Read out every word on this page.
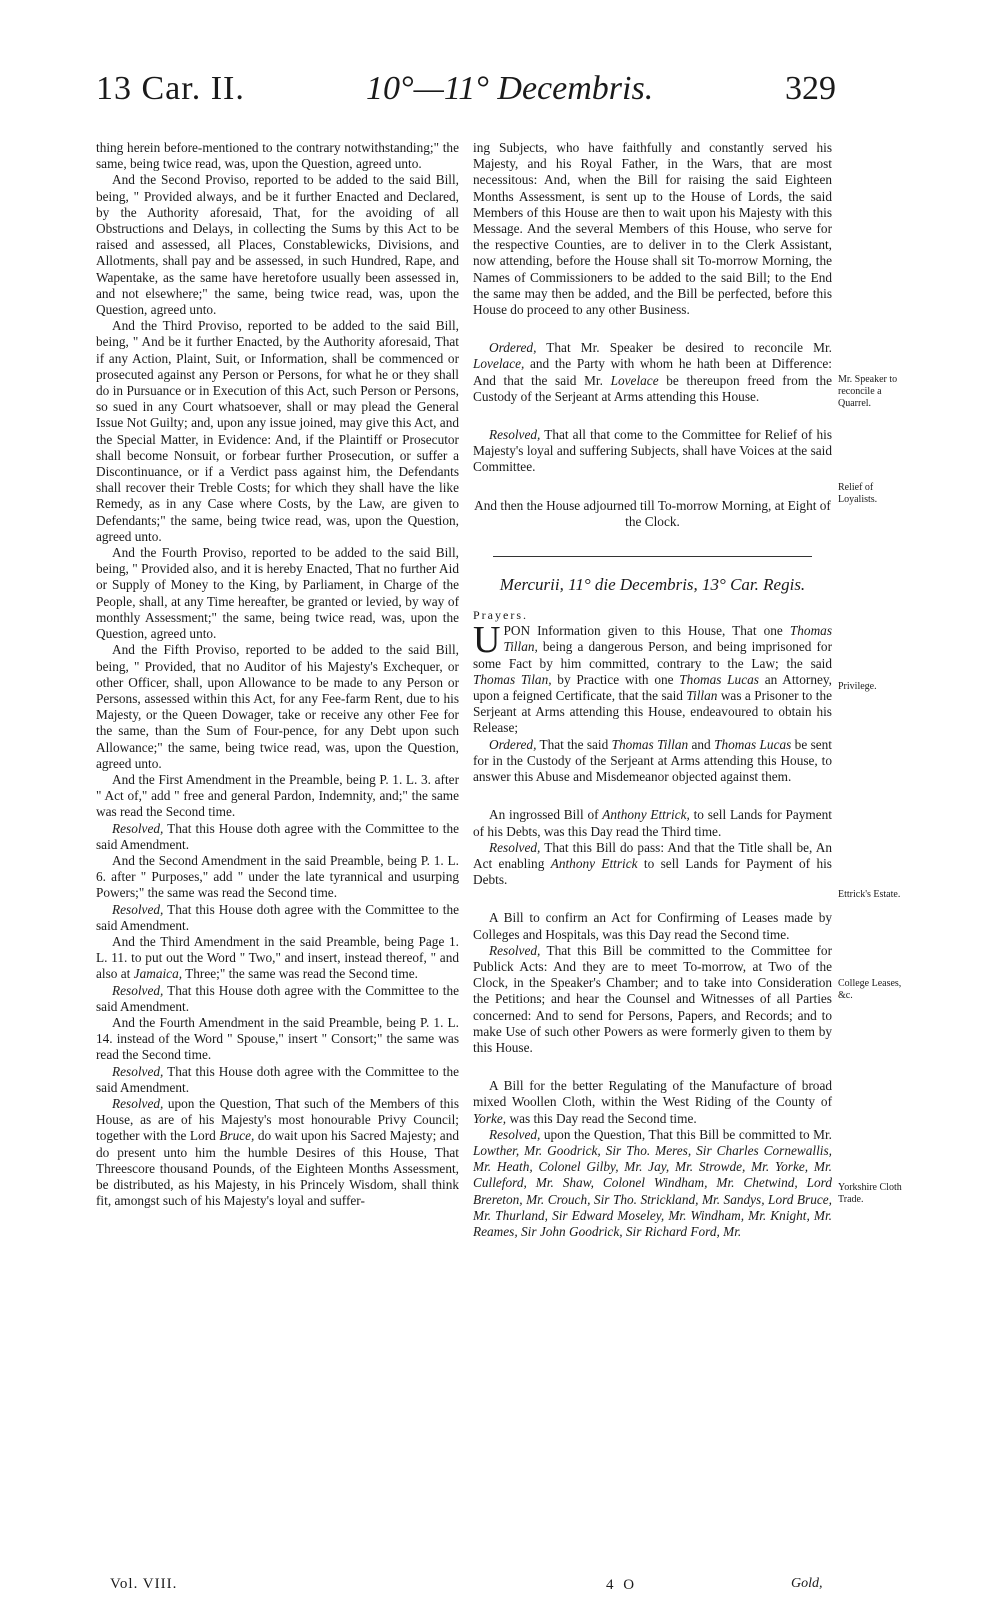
13 Car. II.	10°—11° Decembris.	329

thing herein before-mentioned to the contrary notwithstanding;" the same, being twice read, was, upon the Question, agreed unto.

And the Second Proviso, reported to be added to the said Bill, being, " Provided always, and be it further Enacted and Declared, by the Authority aforesaid, That, for the avoiding of all Obstructions and Delays, in collecting the Sums by this Act to be raised and assessed, all Places, Constablewicks, Divisions, and Allotments, shall pay and be assessed, in such Hundred, Rape, and Wapentake, as the same have heretofore usually been assessed in, and not elsewhere;" the same, being twice read, was, upon the Question, agreed unto.

And the Third Proviso, reported to be added to the said Bill, being, " And be it further Enacted, by the Authority aforesaid, That if any Action, Plaint, Suit, or Information, shall be commenced or prosecuted against any Person or Persons, for what he or they shall do in Pursuance or in Execution of this Act, such Person or Persons, so sued in any Court whatsoever, shall or may plead the General Issue Not Guilty; and, upon any issue joined, may give this Act, and the Special Matter, in Evidence: And, if the Plaintiff or Prosecutor shall become Nonsuit, or forbear further Prosecution, or suffer a Discontinuance, or if a Verdict pass against him, the Defendants shall recover their Treble Costs; for which they shall have the like Remedy, as in any Case where Costs, by the Law, are given to Defendants;" the same, being twice read, was, upon the Question, agreed unto.

And the Fourth Proviso, reported to be added to the said Bill, being, " Provided also, and it is hereby Enacted, That no further Aid or Supply of Money to the King, by Parliament, in Charge of the People, shall, at any Time hereafter, be granted or levied, by way of monthly Assessment;" the same, being twice read, was, upon the Question, agreed unto.

And the Fifth Proviso, reported to be added to the said Bill, being, " Provided, that no Auditor of his Majesty's Exchequer, or other Officer, shall, upon Allowance to be made to any Person or Persons, assessed within this Act, for any Fee-farm Rent, due to his Majesty, or the Queen Dowager, take or receive any other Fee for the same, than the Sum of Four-pence, for any Debt upon such Allowance;" the same, being twice read, was, upon the Question, agreed unto.

And the First Amendment in the Preamble, being P. 1. L. 3. after " Act of," add " free and general Pardon, Indemnity, and;" the same was read the Second time.

Resolved, That this House doth agree with the Committee to the said Amendment.

And the Second Amendment in the said Preamble, being P. 1. L. 6. after " Purposes," add " under the late tyrannical and usurping Powers;" the same was read the Second time.

Resolved, That this House doth agree with the Committee to the said Amendment.

And the Third Amendment in the said Preamble, being Page 1. L. 11. to put out the Word " Two," and insert, instead thereof, " and also at Jamaica, Three;" the same was read the Second time.

Resolved, That this House doth agree with the Committee to the said Amendment.

And the Fourth Amendment in the said Preamble, being P. 1. L. 14. instead of the Word " Spouse," insert " Consort;" the same was read the Second time.

Resolved, That this House doth agree with the Committee to the said Amendment.

Resolved, upon the Question, That such of the Members of this House, as are of his Majesty's most honourable Privy Council; together with the Lord Bruce, do wait upon his Sacred Majesty; and do present unto him the humble Desires of this House, That Threescore thousand Pounds, of the Eighteen Months Assessment, be distributed, as his Majesty, in his Princely Wisdom, shall think fit, amongst such of his Majesty's loyal and suffer-

ing Subjects, who have faithfully and constantly served his Majesty, and his Royal Father, in the Wars, that are most necessitous: And, when the Bill for raising the said Eighteen Months Assessment, is sent up to the House of Lords, the said Members of this House are then to wait upon his Majesty with this Message. And the several Members of this House, who serve for the respective Counties, are to deliver in to the Clerk Assistant, now attending, before the House shall sit To-morrow Morning, the Names of Commissioners to be added to the said Bill; to the End the same may then be added, and the Bill be perfected, before this House do proceed to any other Business.

Ordered, That Mr. Speaker be desired to reconcile Mr. Lovelace, and the Party with whom he hath been at Difference: And that the said Mr. Lovelace be thereupon freed from the Custody of the Serjeant at Arms attending this House.

Resolved, That all that come to the Committee for Relief of his Majesty's loyal and suffering Subjects, shall have Voices at the said Committee.

And then the House adjourned till To-morrow Morning, at Eight of the Clock.

Mercurii, 11° die Decembris, 13° Car. Regis.

Prayers.

UPON Information given to this House, That one Thomas Tillan, being a dangerous Person, and being imprisoned for some Fact by him committed, contrary to the Law; the said Thomas Tilan, by Practice with one Thomas Lucas an Attorney, upon a feigned Certificate, that the said Tillan was a Prisoner to the Serjeant at Arms attending this House, endeavoured to obtain his Release;

Ordered, That the said Thomas Tillan and Thomas Lucas be sent for in the Custody of the Serjeant at Arms attending this House, to answer this Abuse and Misdemeanor objected against them.

An ingrossed Bill of Anthony Ettrick, to sell Lands for Payment of his Debts, was this Day read the Third time.

Resolved, That this Bill do pass: And that the Title shall be, An Act enabling Anthony Ettrick to sell Lands for Payment of his Debts.

A Bill to confirm an Act for Confirming of Leases made by Colleges and Hospitals, was this Day read the Second time.

Resolved, That this Bill be committed to the Committee for Publick Acts: And they are to meet To-morrow, at Two of the Clock, in the Speaker's Chamber; and to take into Consideration the Petitions; and hear the Counsel and Witnesses of all Parties concerned: And to send for Persons, Papers, and Records; and to make Use of such other Powers as were formerly given to them by this House.

A Bill for the better Regulating of the Manufacture of broad mixed Woollen Cloth, within the West Riding of the County of Yorke, was this Day read the Second time.

Resolved, upon the Question, That this Bill be committed to Mr. Lowther, Mr. Goodrick, Sir Tho. Meres, Sir Charles Cornewallis, Mr. Heath, Colonel Gilby, Mr. Jay, Mr. Strowde, Mr. Yorke, Mr. Culleford, Mr. Shaw, Colonel Windham, Mr. Chetwind, Lord Brereton, Mr. Crouch, Sir Tho. Strickland, Mr. Sandys, Lord Bruce, Mr. Thurland, Sir Edward Moseley, Mr. Windham, Mr. Knight, Mr. Reames, Sir John Goodrick, Sir Richard Ford, Mr.

Mr. Speaker to reconcile a Quarrel.
Relief of Loyalists.
Privilege.
Ettrick's Estate.
College Leases, &c.
Yorkshire Cloth Trade.
Vol. VIII.	4 O	Gold,
